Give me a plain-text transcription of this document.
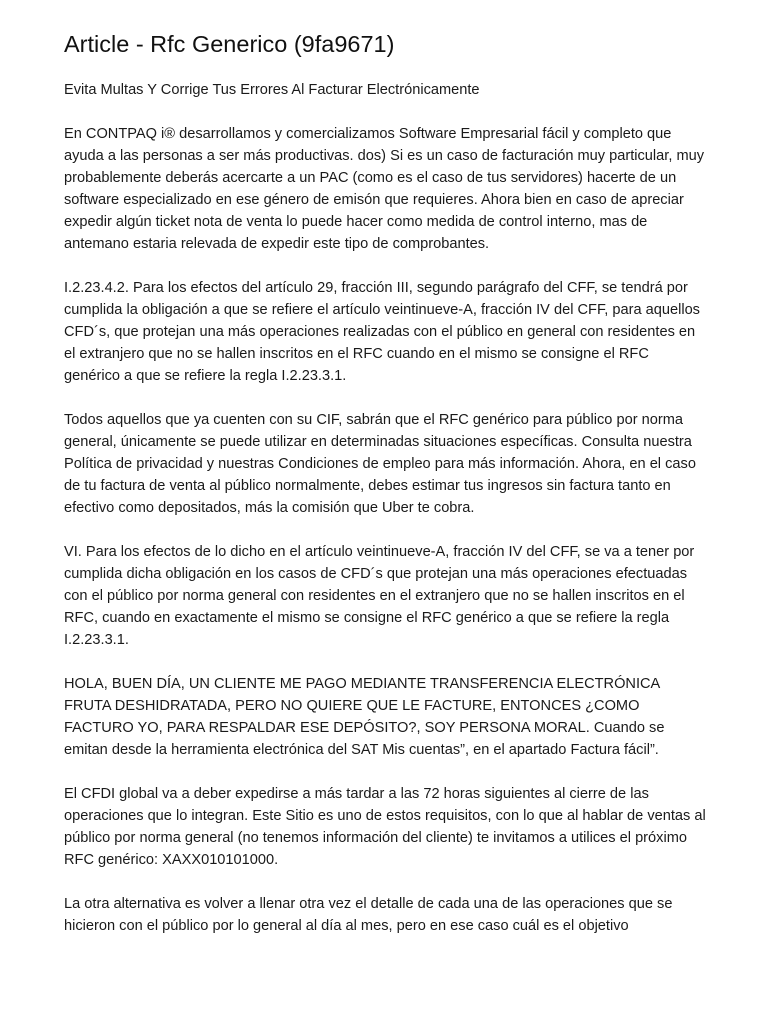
Article - Rfc Generico (9fa9671)

Evita Multas Y Corrige Tus Errores Al Facturar Electrónicamente

En CONTPAQ i® desarrollamos y comercializamos Software Empresarial fácil y completo que ayuda a las personas a ser más productivas. dos) Si es un caso de facturación muy particular, muy probablemente deberás acercarte a un PAC (como es el caso de tus servidores) hacerte de un software especializado en ese género de emisón que requieres. Ahora bien en caso de apreciar expedir algún ticket nota de venta lo puede hacer como medida de control interno, mas de antemano estaria relevada de expedir este tipo de comprobantes.

I.2.23.4.2. Para los efectos del artículo 29, fracción III, segundo parágrafo del CFF, se tendrá por cumplida la obligación a que se refiere el artículo veintinueve-A, fracción IV del CFF, para aquellos CFD´s, que protejan una más operaciones realizadas con el público en general con residentes en el extranjero que no se hallen inscritos en el RFC cuando en el mismo se consigne el RFC genérico a que se refiere la regla I.2.23.3.1.

Todos aquellos que ya cuenten con su CIF, sabrán que el RFC genérico para público por norma general, únicamente se puede utilizar en determinadas situaciones específicas. Consulta nuestra Política de privacidad y nuestras Condiciones de empleo para más información. Ahora, en el caso de tu factura de venta al público normalmente, debes estimar tus ingresos sin factura tanto en efectivo como depositados, más la comisión que Uber te cobra.

VI. Para los efectos de lo dicho en el artículo veintinueve-A, fracción IV del CFF, se va a tener por cumplida dicha obligación en los casos de CFD´s que protejan una más operaciones efectuadas con el público por norma general con residentes en el extranjero que no se hallen inscritos en el RFC, cuando en exactamente el mismo se consigne el RFC genérico a que se refiere la regla I.2.23.3.1.

HOLA, BUEN DÍA, UN CLIENTE ME PAGO MEDIANTE TRANSFERENCIA ELECTRÓNICA FRUTA DESHIDRATADA, PERO NO QUIERE QUE LE FACTURE, ENTONCES ¿COMO FACTURO YO, PARA RESPALDAR ESE DEPÓSITO?, SOY PERSONA MORAL. Cuando se emitan desde la herramienta electrónica del SAT Mis cuentas”, en el apartado Factura fácil”.

El CFDI global va a deber expedirse a más tardar a las 72 horas siguientes al cierre de las operaciones que lo integran. Este Sitio es uno de estos requisitos, con lo que al hablar de ventas al público por norma general (no tenemos información del cliente) te invitamos a utilices el próximo RFC genérico: XAXX010101000.

La otra alternativa es volver a llenar otra vez el detalle de cada una de las operaciones que se hicieron con el público por lo general al día al mes, pero en ese caso cuál es el objetivo
